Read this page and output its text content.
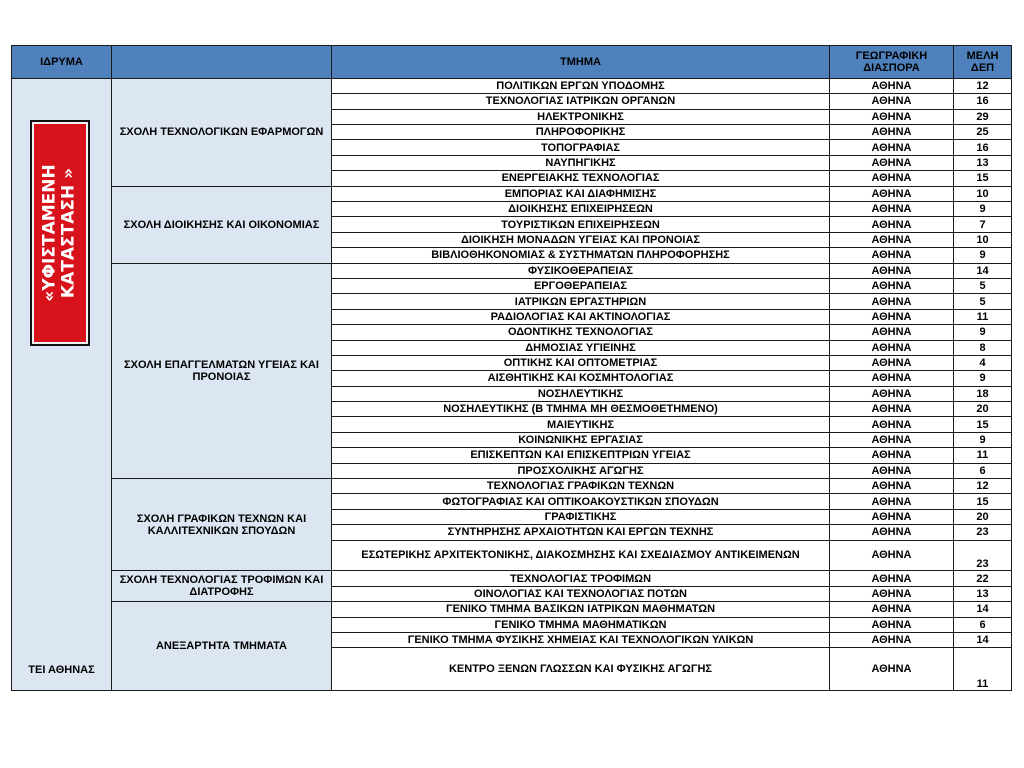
ΙΔΡΥΜΑ		ΤΜΗΜΑ	ΓΕΩΓΡΑΦΙΚΗ ΔΙΑΣΠΟΡΑ	ΜΕΛΗ ΔΕΠ
ΤΕΙ ΑΘΗΝΑΣ	ΣΧΟΛΗ ΤΕΧΝΟΛΟΓΙΚΩΝ ΕΦΑΡΜΟΓΩΝ	ΠΟΛΙΤΙΚΩΝ ΕΡΓΩΝ ΥΠΟΔΟΜΗΣ	ΑΘΗΝΑ	12
		ΤΕΧΝΟΛΟΓΙΑΣ ΙΑΤΡΙΚΩΝ ΟΡΓΑΝΩΝ	ΑΘΗΝΑ	16
		ΗΛΕΚΤΡΟΝΙΚΗΣ	ΑΘΗΝΑ	29
		ΠΛΗΡΟΦΟΡΙΚΗΣ	ΑΘΗΝΑ	25
		ΤΟΠΟΓΡΑΦΙΑΣ	ΑΘΗΝΑ	16
		ΝΑΥΠΗΓΙΚΗΣ	ΑΘΗΝΑ	13
		ΕΝΕΡΓΕΙΑΚΗΣ ΤΕΧΝΟΛΟΓΙΑΣ	ΑΘΗΝΑ	15
	ΣΧΟΛΗ ΔΙΟΙΚΗΣΗΣ ΚΑΙ ΟΙΚΟΝΟΜΙΑΣ	ΕΜΠΟΡΙΑΣ ΚΑΙ ΔΙΑΦΗΜΙΣΗΣ	ΑΘΗΝΑ	10
		ΔΙΟΙΚΗΣΗΣ ΕΠΙΧΕΙΡΗΣΕΩΝ	ΑΘΗΝΑ	9
		ΤΟΥΡΙΣΤΙΚΩΝ ΕΠΙΧΕΙΡΗΣΕΩΝ	ΑΘΗΝΑ	7
		ΔΙΟΙΚΗΣΗ ΜΟΝΑΔΩΝ ΥΓΕΙΑΣ ΚΑΙ ΠΡΟΝΟΙΑΣ	ΑΘΗΝΑ	10
		ΒΙΒΛΙΟΘΗΚΟΝΟΜΙΑΣ & ΣΥΣΤΗΜΑΤΩΝ ΠΛΗΡΟΦΟΡΗΣΗΣ	ΑΘΗΝΑ	9
	ΣΧΟΛΗ ΕΠΑΓΓΕΛΜΑΤΩΝ ΥΓΕΙΑΣ ΚΑΙ ΠΡΟΝΟΙΑΣ	ΦΥΣΙΚΟΘΕΡΑΠΕΙΑΣ	ΑΘΗΝΑ	14
		ΕΡΓΟΘΕΡΑΠΕΙΑΣ	ΑΘΗΝΑ	5
		ΙΑΤΡΙΚΩΝ ΕΡΓΑΣΤΗΡΙΩΝ	ΑΘΗΝΑ	5
		ΡΑΔΙΟΛΟΓΙΑΣ ΚΑΙ ΑΚΤΙΝΟΛΟΓΙΑΣ	ΑΘΗΝΑ	11
		ΟΔΟΝΤΙΚΗΣ ΤΕΧΝΟΛΟΓΙΑΣ	ΑΘΗΝΑ	9
		ΔΗΜΟΣΙΑΣ ΥΓΙΕΙΝΗΣ	ΑΘΗΝΑ	8
		ΟΠΤΙΚΗΣ ΚΑΙ ΟΠΤΟΜΕΤΡΙΑΣ	ΑΘΗΝΑ	4
		ΑΙΣΘΗΤΙΚΗΣ ΚΑΙ ΚΟΣΜΗΤΟΛΟΓΙΑΣ	ΑΘΗΝΑ	9
		ΝΟΣΗΛΕΥΤΙΚΗΣ	ΑΘΗΝΑ	18
		ΝΟΣΗΛΕΥΤΙΚΗΣ (Β ΤΜΗΜΑ ΜΗ ΘΕΣΜΟΘΕΤΗΜΕΝΟ)	ΑΘΗΝΑ	20
		ΜΑΙΕΥΤΙΚΗΣ	ΑΘΗΝΑ	15
		ΚΟΙΝΩΝΙΚΗΣ ΕΡΓΑΣΙΑΣ	ΑΘΗΝΑ	9
		ΕΠΙΣΚΕΠΤΩΝ ΚΑΙ ΕΠΙΣΚΕΠΤΡΙΩΝ ΥΓΕΙΑΣ	ΑΘΗΝΑ	11
		ΠΡΟΣΧΟΛΙΚΗΣ ΑΓΩΓΗΣ	ΑΘΗΝΑ	6
	ΣΧΟΛΗ ΓΡΑΦΙΚΩΝ ΤΕΧΝΩΝ ΚΑΙ ΚΑΛΛΙΤΕΧΝΙΚΩΝ ΣΠΟΥΔΩΝ	ΤΕΧΝΟΛΟΓΙΑΣ ΓΡΑΦΙΚΩΝ ΤΕΧΝΩΝ	ΑΘΗΝΑ	12
		ΦΩΤΟΓΡΑΦΙΑΣ ΚΑΙ ΟΠΤΙΚΟΑΚΟΥΣΤΙΚΩΝ ΣΠΟΥΔΩΝ	ΑΘΗΝΑ	15
		ΓΡΑΦΙΣΤΙΚΗΣ	ΑΘΗΝΑ	20
		ΣΥΝΤΗΡΗΣΗΣ ΑΡΧΑΙΟΤΗΤΩΝ ΚΑΙ ΕΡΓΩΝ ΤΕΧΝΗΣ	ΑΘΗΝΑ	23
		ΕΣΩΤΕΡΙΚΗΣ ΑΡΧΙΤΕΚΤΟΝΙΚΗΣ, ΔΙΑΚΟΣΜΗΣΗΣ ΚΑΙ ΣΧΕΔΙΑΣΜΟΥ ΑΝΤΙΚΕΙΜΕΝΩΝ	ΑΘΗΝΑ	23
	ΣΧΟΛΗ ΤΕΧΝΟΛΟΓΙΑΣ ΤΡΟΦΙΜΩΝ ΚΑΙ ΔΙΑΤΡΟΦΗΣ	ΤΕΧΝΟΛΟΓΙΑΣ ΤΡΟΦΙΜΩΝ	ΑΘΗΝΑ	22
		ΟΙΝΟΛΟΓΙΑΣ ΚΑΙ ΤΕΧΝΟΛΟΓΙΑΣ ΠΟΤΩΝ	ΑΘΗΝΑ	13
	ΑΝΕΞΑΡΤΗΤΑ ΤΜΗΜΑΤΑ	ΓΕΝΙΚΟ ΤΜΗΜΑ ΒΑΣΙΚΩΝ ΙΑΤΡΙΚΩΝ ΜΑΘΗΜΑΤΩΝ	ΑΘΗΝΑ	14
		ΓΕΝΙΚΟ ΤΜΗΜΑ ΜΑΘΗΜΑΤΙΚΩΝ	ΑΘΗΝΑ	6
		ΓΕΝΙΚΟ ΤΜΗΜΑ ΦΥΣΙΚΗΣ ΧΗΜΕΙΑΣ ΚΑΙ ΤΕΧΝΟΛΟΓΙΚΩΝ ΥΛΙΚΩΝ	ΑΘΗΝΑ	14
		ΚΕΝΤΡΟ ΞΕΝΩΝ ΓΛΩΣΣΩΝ ΚΑΙ ΦΥΣΙΚΗΣ ΑΓΩΓΗΣ	ΑΘΗΝΑ	11
«ΥΦΙΣΤΑΜΕΝΗ ΚΑΤΑΣΤΑΣΗ »
